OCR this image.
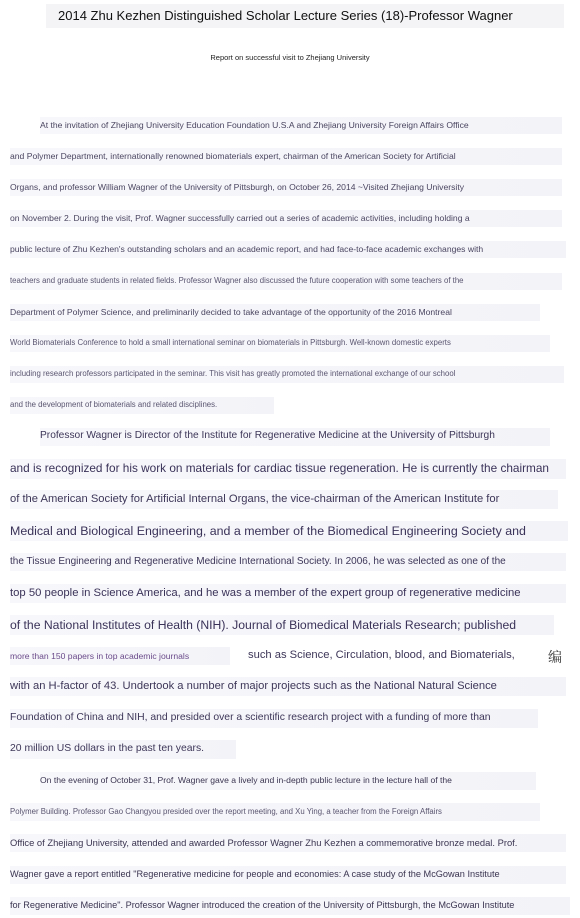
2014 Zhu Kezhen Distinguished Scholar Lecture Series (18)-Professor Wagner
Report on successful visit to Zhejiang University
At the invitation of Zhejiang University Education Foundation U.S.A and Zhejiang University Foreign Affairs Office
and Polymer Department, internationally renowned biomaterials expert, chairman of the American Society for Artificial
Organs, and professor William Wagner of the University of Pittsburgh, on October 26, 2014 ~Visited Zhejiang University
on November 2. During the visit, Prof. Wagner successfully carried out a series of academic activities, including holding a
public lecture of Zhu Kezhen's outstanding scholars and an academic report, and had face-to-face academic exchanges with
teachers and graduate students in related fields. Professor Wagner also discussed the future cooperation with some teachers of the
Department of Polymer Science, and preliminarily decided to take advantage of the opportunity of the 2016 Montreal
World Biomaterials Conference to hold a small international seminar on biomaterials in Pittsburgh. Well-known domestic experts
including research professors participated in the seminar. This visit has greatly promoted the international exchange of our school
and the development of biomaterials and related disciplines.
Professor Wagner is Director of the Institute for Regenerative Medicine at the University of Pittsburgh
and is recognized for his work on materials for cardiac tissue regeneration. He is currently the chairman
of the American Society for Artificial Internal Organs, the vice-chairman of the American Institute for
Medical and Biological Engineering, and a member of the Biomedical Engineering Society and
the Tissue Engineering and Regenerative Medicine International Society. In 2006, he was selected as one of the
top 50 people in Science America, and he was a member of the expert group of regenerative medicine
of the National Institutes of Health (NIH). Journal of Biomedical Materials Research; published
more than 150 papers in top academic journals	such as Science, Circulation, blood, and Biomaterials,	编
with an H-factor of 43. Undertook a number of major projects such as the National Natural Science
Foundation of China and NIH, and presided over a scientific research project with a funding of more than
20 million US dollars in the past ten years.
On the evening of October 31, Prof. Wagner gave a lively and in-depth public lecture in the lecture hall of the
Polymer Building. Professor Gao Changyou presided over the report meeting, and Xu Ying, a teacher from the Foreign Affairs
Office of Zhejiang University, attended and awarded Professor Wagner Zhu Kezhen a commemorative bronze medal. Prof.
Wagner gave a report entitled "Regenerative medicine for people and economies: A case study of the McGowan Institute
for Regenerative Medicine". Professor Wagner introduced the creation of the University of Pittsburgh, the McGowan Institute
